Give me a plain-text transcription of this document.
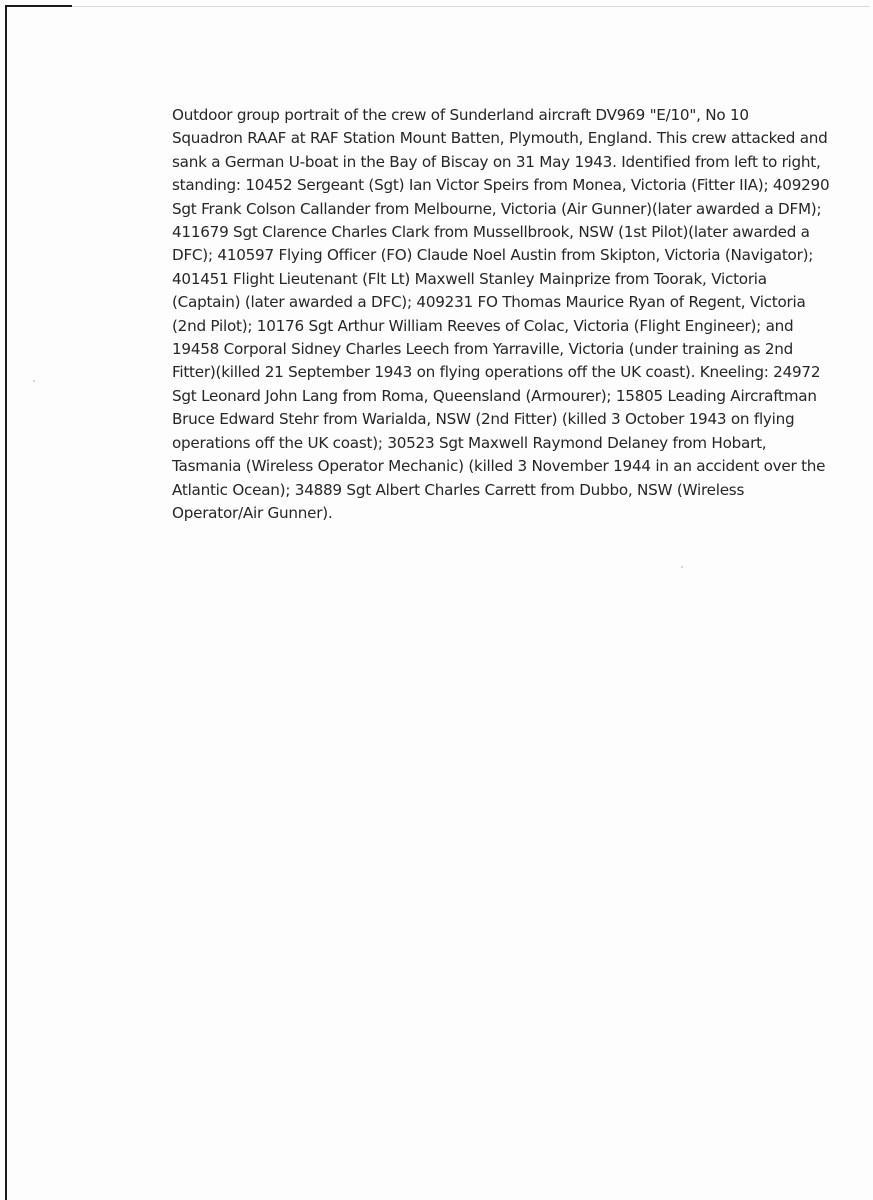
Outdoor group portrait of the crew of Sunderland aircraft DV969 "E/10", No 10
Squadron RAAF at RAF Station Mount Batten, Plymouth, England. This crew attacked and
sank a German U-boat in the Bay of Biscay on 31 May 1943. Identified from left to right,
standing: 10452 Sergeant (Sgt) Ian Victor Speirs from Monea, Victoria (Fitter IIA); 409290
Sgt Frank Colson Callander from Melbourne, Victoria (Air Gunner)(later awarded a DFM);
411679 Sgt Clarence Charles Clark from Mussellbrook, NSW (1st Pilot)(later awarded a
DFC); 410597 Flying Officer (FO) Claude Noel Austin from Skipton, Victoria (Navigator);
401451 Flight Lieutenant (Flt Lt) Maxwell Stanley Mainprize from Toorak, Victoria
(Captain) (later awarded a DFC); 409231 FO Thomas Maurice Ryan of Regent, Victoria
(2nd Pilot); 10176 Sgt Arthur William Reeves of Colac, Victoria (Flight Engineer); and
19458 Corporal Sidney Charles Leech from Yarraville, Victoria (under training as 2nd
Fitter)(killed 21 September 1943 on flying operations off the UK coast). Kneeling: 24972
Sgt Leonard John Lang from Roma, Queensland (Armourer); 15805 Leading Aircraftman
Bruce Edward Stehr from Warialda, NSW (2nd Fitter) (killed 3 October 1943 on flying
operations off the UK coast); 30523 Sgt Maxwell Raymond Delaney from Hobart,
Tasmania (Wireless Operator Mechanic) (killed 3 November 1944 in an accident over the
Atlantic Ocean); 34889 Sgt Albert Charles Carrett from Dubbo, NSW (Wireless
Operator/Air Gunner).
